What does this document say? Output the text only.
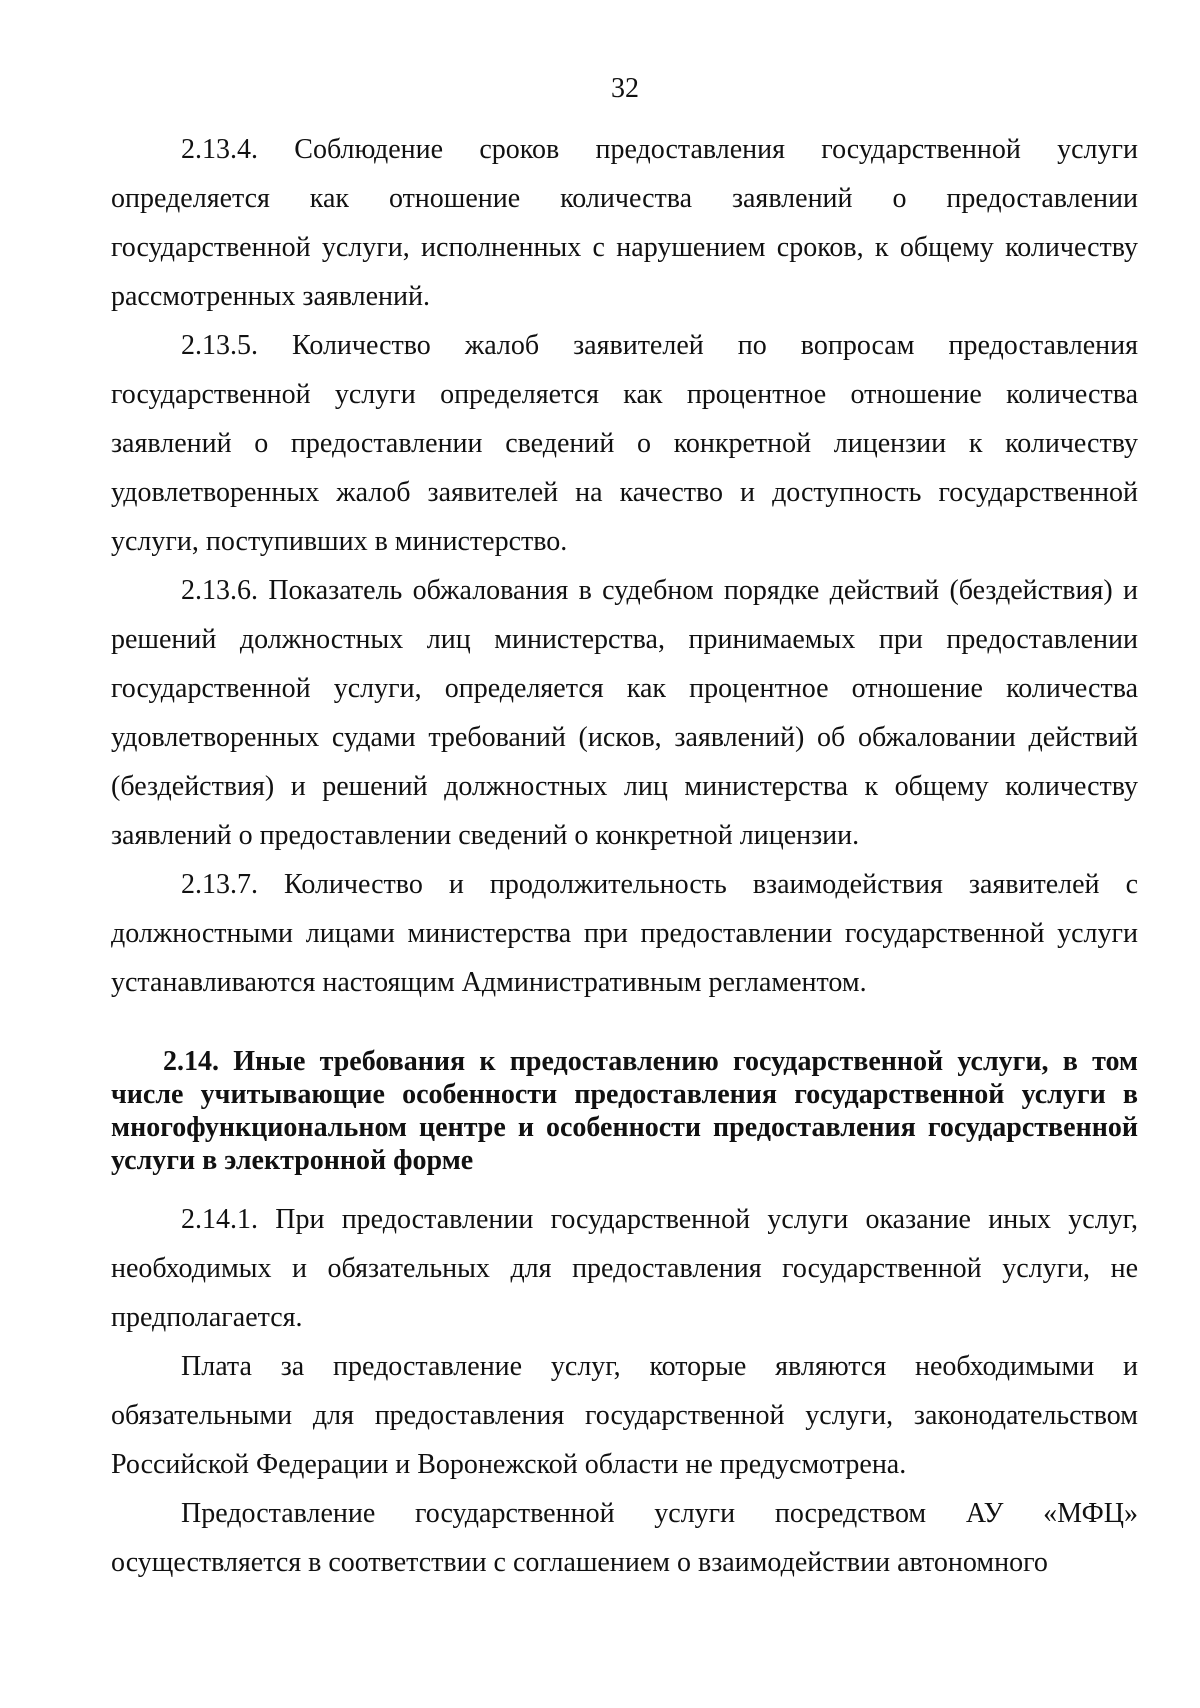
32

2.13.4. Соблюдение сроков предоставления государственной услуги определяется как отношение количества заявлений о предоставлении государственной услуги, исполненных с нарушением сроков, к общему количеству рассмотренных заявлений.

2.13.5. Количество жалоб заявителей по вопросам предоставления государственной услуги определяется как процентное отношение количества заявлений о предоставлении сведений о конкретной лицензии к количеству удовлетворенных жалоб заявителей на качество и доступность государственной услуги, поступивших в министерство.

2.13.6. Показатель обжалования в судебном порядке действий (бездействия) и решений должностных лиц министерства, принимаемых при предоставлении государственной услуги, определяется как процентное отношение количества удовлетворенных судами требований (исков, заявлений) об обжаловании действий (бездействия) и решений должностных лиц министерства к общему количеству заявлений о предоставлении сведений о конкретной лицензии.

2.13.7. Количество и продолжительность взаимодействия заявителей с должностными лицами министерства при предоставлении государственной услуги устанавливаются настоящим Административным регламентом.

2.14. Иные требования к предоставлению государственной услуги, в том числе учитывающие особенности предоставления государственной услуги в многофункциональном центре и особенности предоставления государственной услуги в электронной форме

2.14.1. При предоставлении государственной услуги оказание иных услуг, необходимых и обязательных для предоставления государственной услуги, не предполагается.

Плата за предоставление услуг, которые являются необходимыми и обязательными для предоставления государственной услуги, законодательством Российской Федерации и Воронежской области не предусмотрена.

Предоставление государственной услуги посредством АУ «МФЦ» осуществляется в соответствии с соглашением о взаимодействии автономного
